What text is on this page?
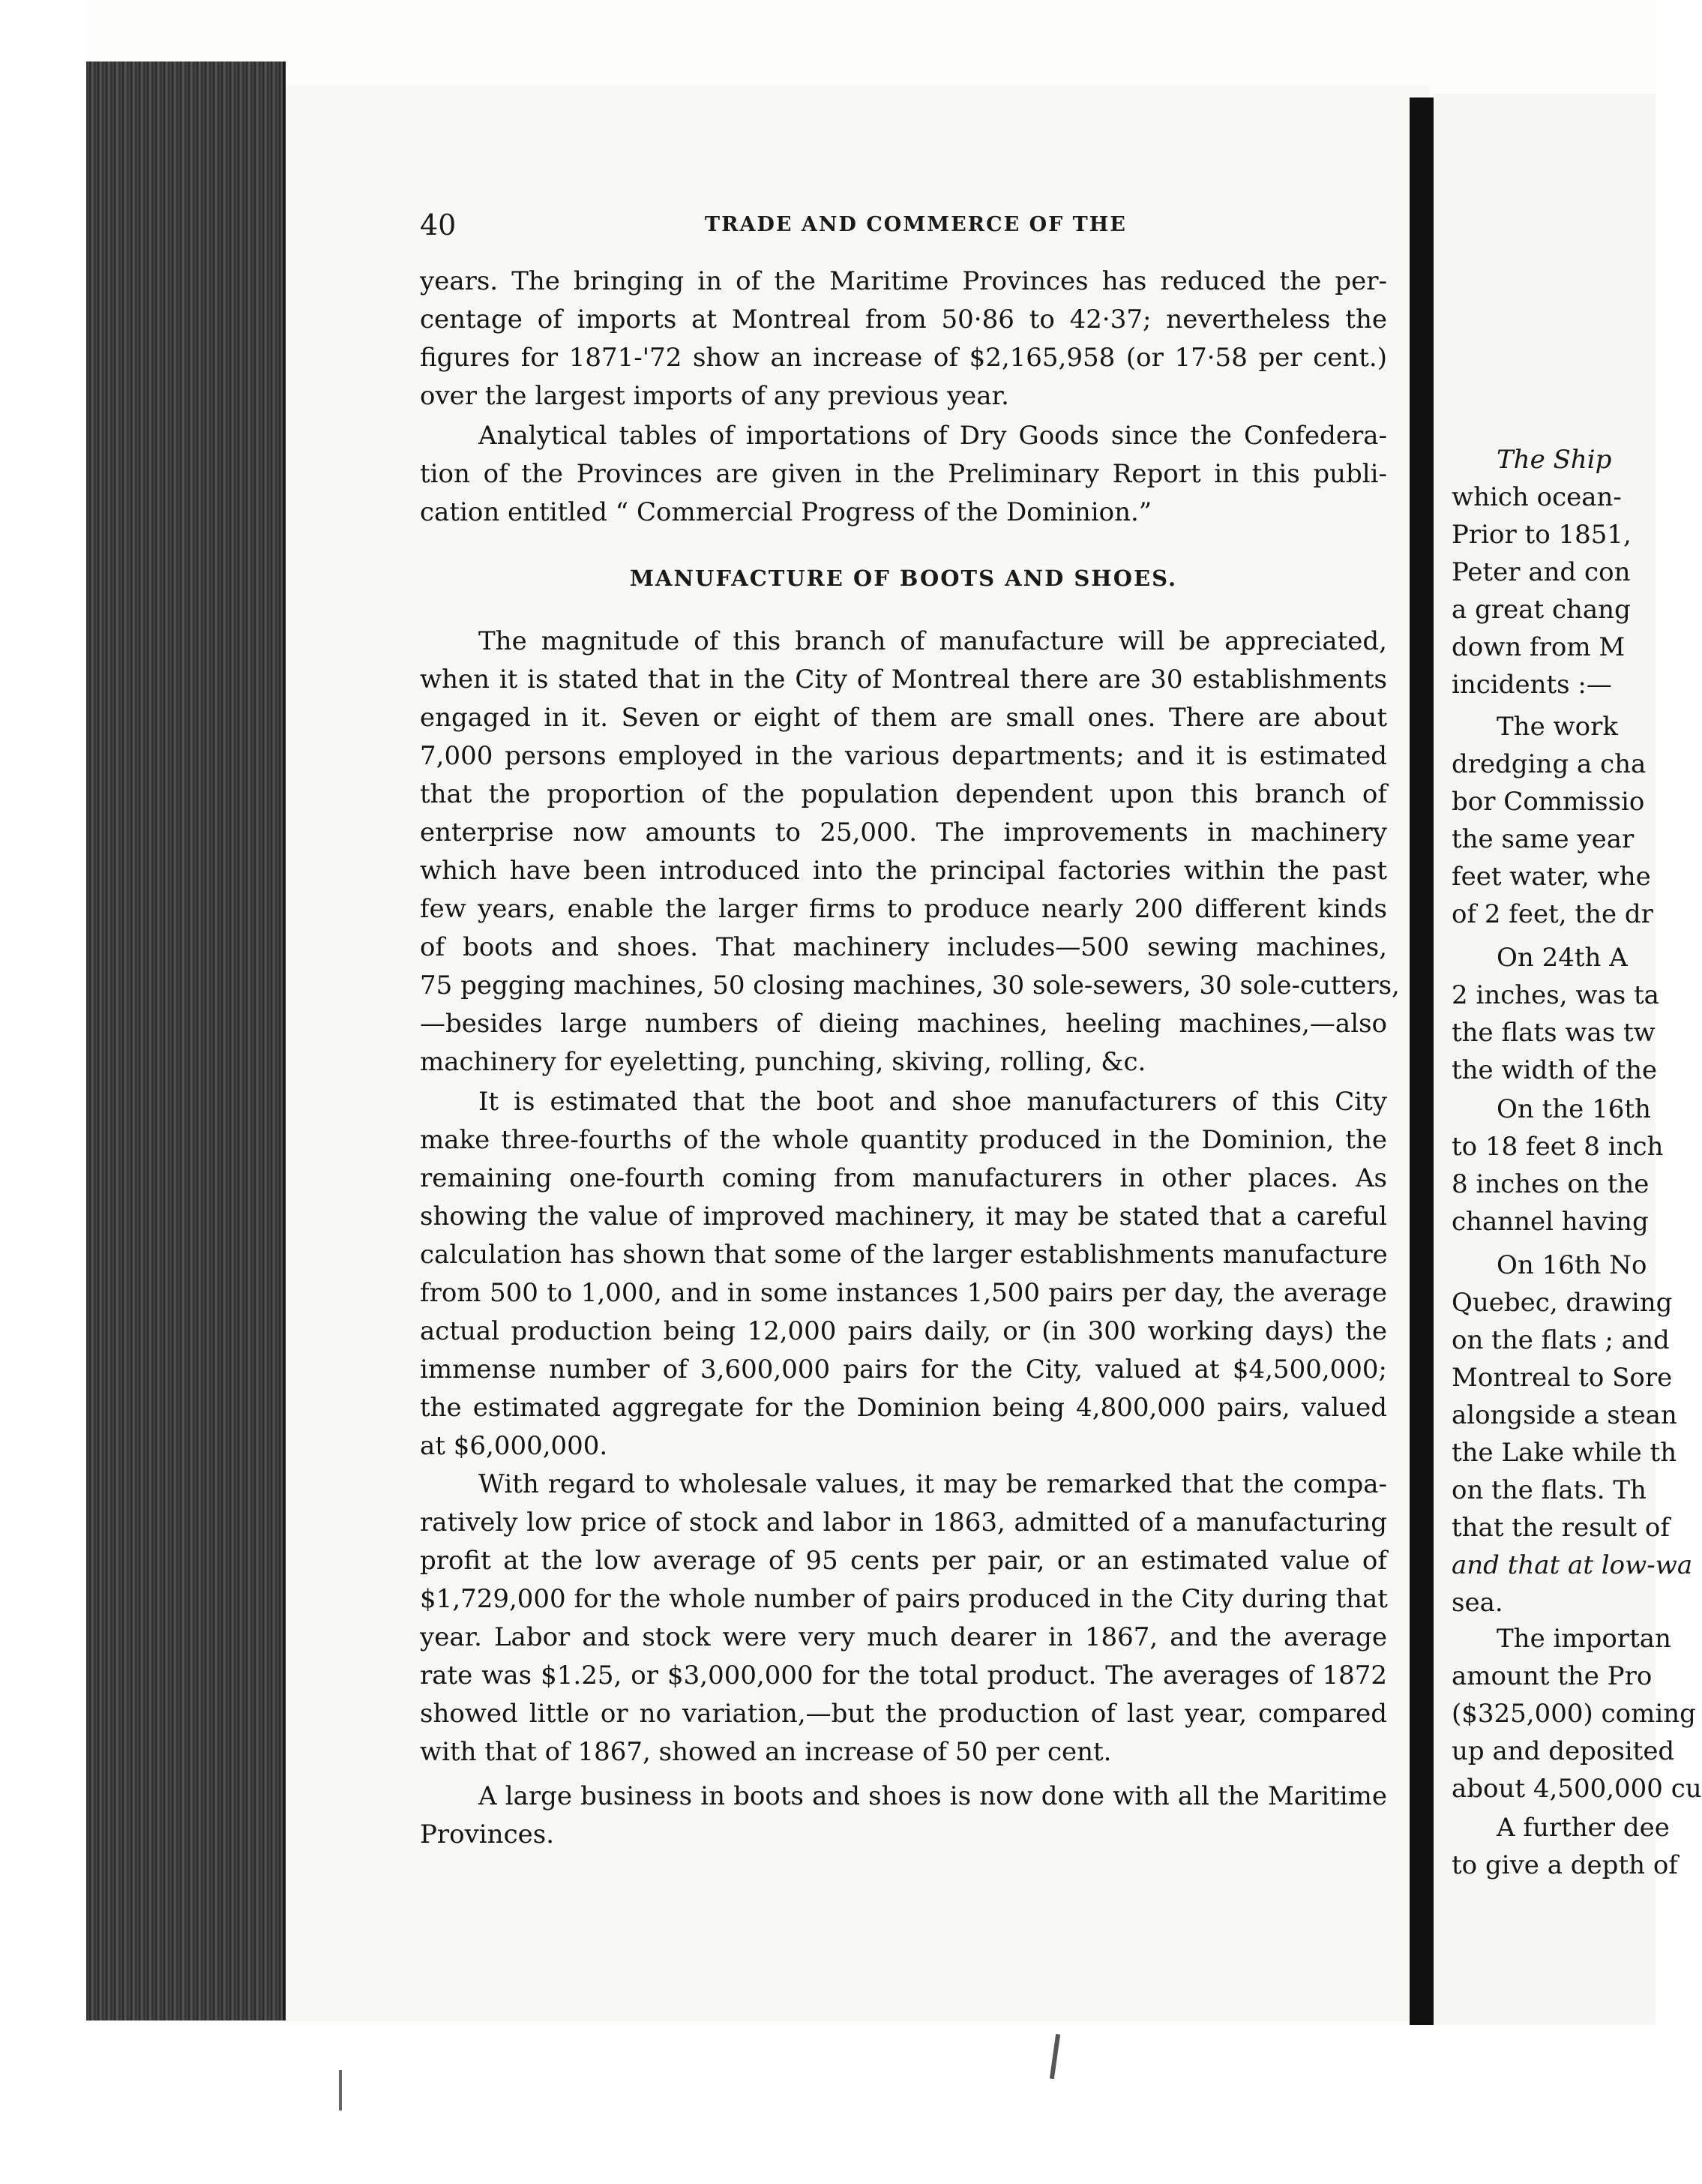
40	TRADE AND COMMERCE OF THE
years. The bringing in of the Maritime Provinces has reduced the per-
centage of imports at Montreal from 50·86 to 42·37; nevertheless the
figures for 1871-'72 show an increase of $2,165,958 (or 17·58 per cent.)
over the largest imports of any previous year.
Analytical tables of importations of Dry Goods since the Confedera-
tion of the Provinces are given in the Preliminary Report in this publi-
cation entitled “ Commercial Progress of the Dominion.”
MANUFACTURE OF BOOTS AND SHOES.
The magnitude of this branch of manufacture will be appreciated,
when it is stated that in the City of Montreal there are 30 establishments
engaged in it. Seven or eight of them are small ones. There are about
7,000 persons employed in the various departments; and it is estimated
that the proportion of the population dependent upon this branch of
enterprise now amounts to 25,000. The improvements in machinery
which have been introduced into the principal factories within the past
few years, enable the larger firms to produce nearly 200 different kinds
of boots and shoes. That machinery includes—500 sewing machines,
75 pegging machines, 50 closing machines, 30 sole-sewers, 30 sole-cutters,
—besides large numbers of dieing machines, heeling machines,—also
machinery for eyeletting, punching, skiving, rolling, &c.
It is estimated that the boot and shoe manufacturers of this City
make three-fourths of the whole quantity produced in the Dominion, the
remaining one-fourth coming from manufacturers in other places. As
showing the value of improved machinery, it may be stated that a careful
calculation has shown that some of the larger establishments manufacture
from 500 to 1,000, and in some instances 1,500 pairs per day, the average
actual production being 12,000 pairs daily, or (in 300 working days) the
immense number of 3,600,000 pairs for the City, valued at $4,500,000;
the estimated aggregate for the Dominion being 4,800,000 pairs, valued
at $6,000,000.
With regard to wholesale values, it may be remarked that the compa-
ratively low price of stock and labor in 1863, admitted of a manufacturing
profit at the low average of 95 cents per pair, or an estimated value of
$1,729,000 for the whole number of pairs produced in the City during that
year. Labor and stock were very much dearer in 1867, and the average
rate was $1.25, or $3,000,000 for the total product. The averages of 1872
showed little or no variation,—but the production of last year, compared
with that of 1867, showed an increase of 50 per cent.
A large business in boots and shoes is now done with all the Maritime
Provinces.
The Ship
which ocean-
Prior to 1851,
Peter and con
a great chang
down from M
incidents :—
The work
dredging a cha
bor Commissio
the same year
feet water, whe
of 2 feet, the dr
On 24th A
2 inches, was ta
the flats was tw
the width of the
On the 16th
to 18 feet 8 inch
8 inches on the
channel having
On 16th No
Quebec, drawing
on the flats ; and
Montreal to Sore
alongside a stean
the Lake while th
on the flats. Th
that the result of
and that at low-wa
sea.
The importan
amount the Pro
($325,000) coming
up and deposited
about 4,500,000 cu
A further dee
to give a depth of
